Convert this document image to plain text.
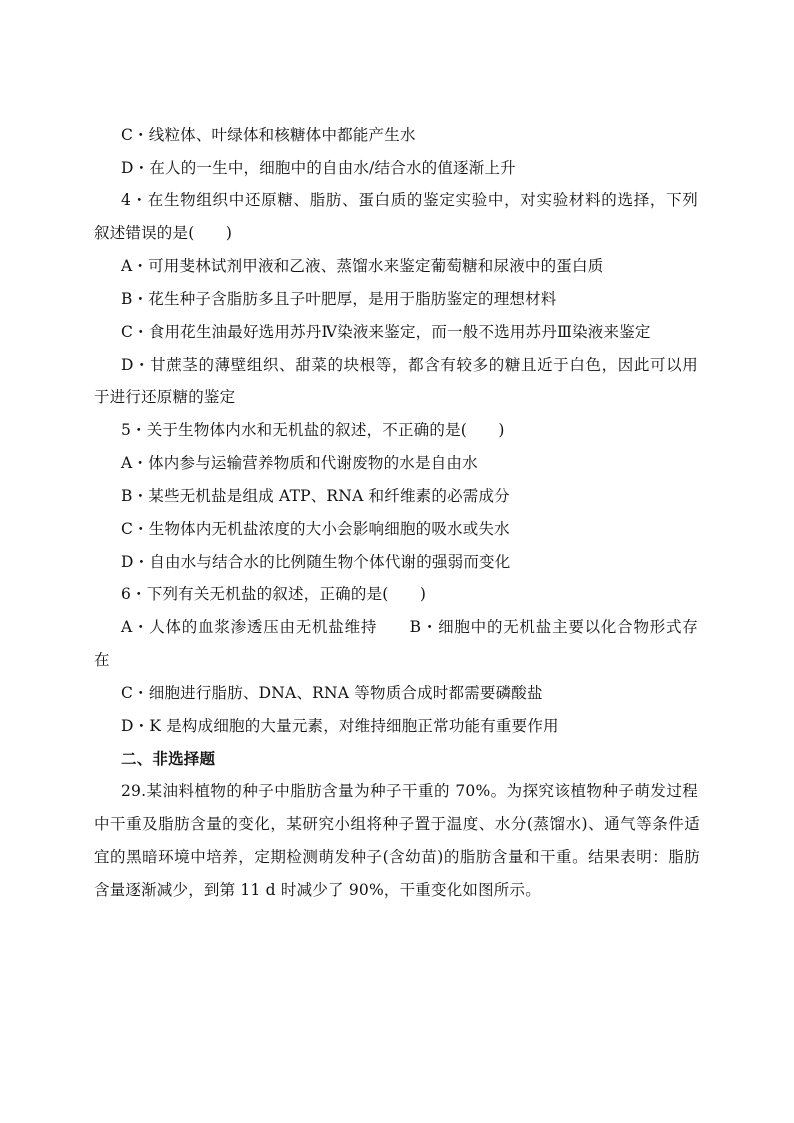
C・线粒体、叶绿体和核糖体中都能产生水
D・在人的一生中，细胞中的自由水/结合水的值逐渐上升
4・在生物组织中还原糖、脂肪、蛋白质的鉴定实验中，对实验材料的选择，下列
叙述错误的是(　　)
A・可用斐林试剂甲液和乙液、蒸馏水来鉴定葡萄糖和尿液中的蛋白质
B・花生种子含脂肪多且子叶肥厚，是用于脂肪鉴定的理想材料
C・食用花生油最好选用苏丹Ⅳ染液来鉴定，而一般不选用苏丹Ⅲ染液来鉴定
D・甘蔗茎的薄壁组织、甜菜的块根等，都含有较多的糖且近于白色，因此可以用
于进行还原糖的鉴定
5・关于生物体内水和无机盐的叙述，不正确的是(　　)
A・体内参与运输营养物质和代谢废物的水是自由水
B・某些无机盐是组成 ATP、RNA 和纤维素的必需成分
C・生物体内无机盐浓度的大小会影响细胞的吸水或失水
D・自由水与结合水的比例随生物个体代谢的强弱而变化
6・下列有关无机盐的叙述，正确的是(　　)
A・人体的血浆渗透压由无机盐维持　　B・细胞中的无机盐主要以化合物形式存
在
C・细胞进行脂肪、DNA、RNA 等物质合成时都需要磷酸盐
D・K 是构成细胞的大量元素，对维持细胞正常功能有重要作用
二、非选择题
29.某油料植物的种子中脂肪含量为种子干重的 70%。为探究该植物种子萌发过程
中干重及脂肪含量的变化，某研究小组将种子置于温度、水分(蒸馏水)、通气等条件适
宜的黑暗环境中培养，定期检测萌发种子(含幼苗)的脂肪含量和干重。结果表明：脂肪
含量逐渐减少，到第 11 d 时减少了 90%，干重变化如图所示。
